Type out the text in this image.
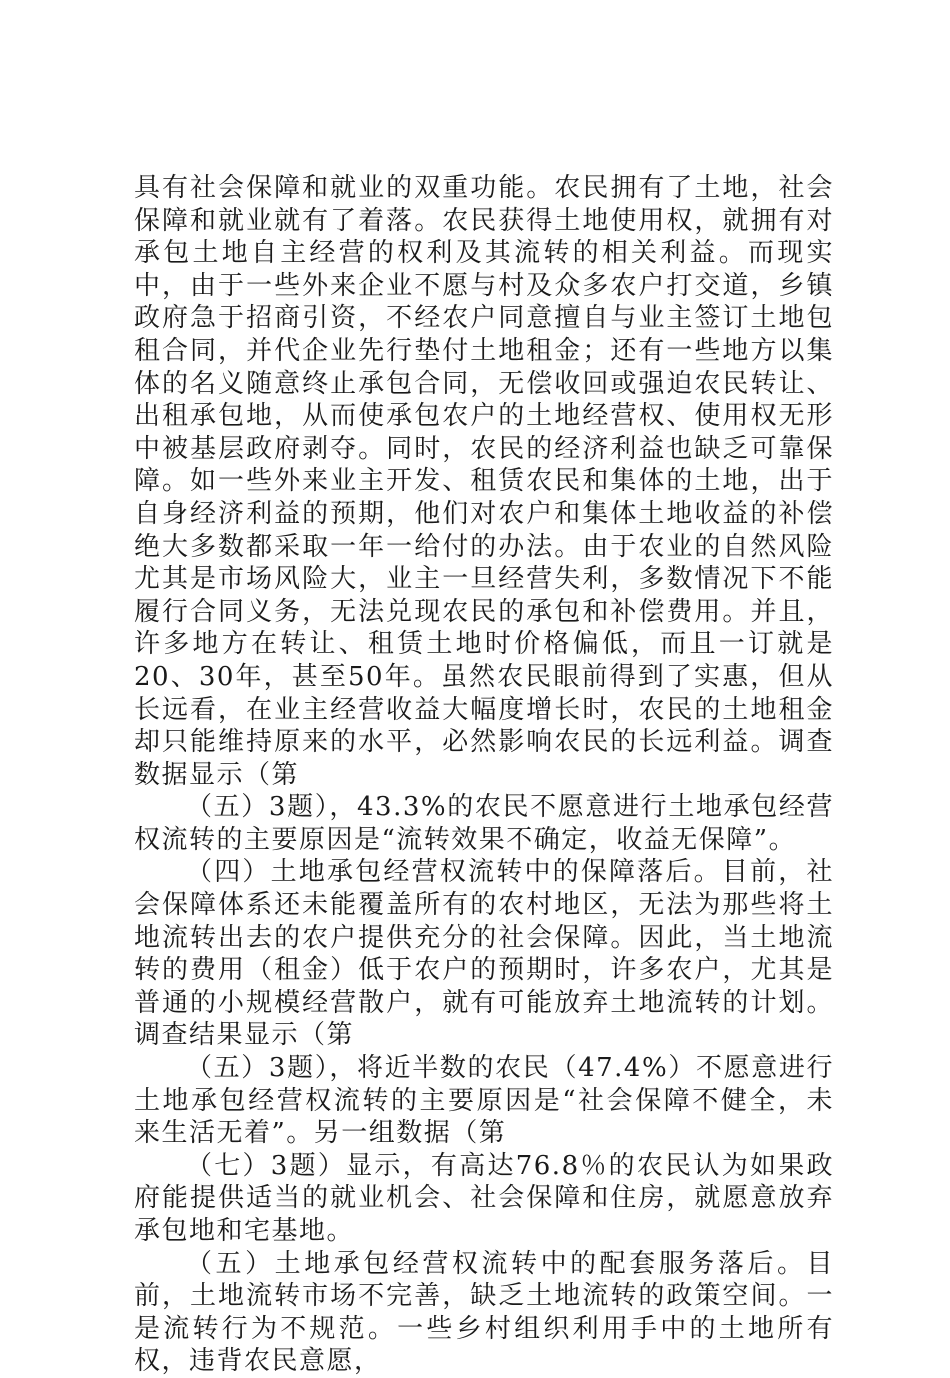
具有社会保障和就业的双重功能。农民拥有了土地，社会保障和就业就有了着落。农民获得土地使用权，就拥有对承包土地自主经营的权利及其流转的相关利益。而现实中，由于一些外来企业不愿与村及众多农户打交道，乡镇政府急于招商引资，不经农户同意擅自与业主签订土地包租合同，并代企业先行垫付土地租金；还有一些地方以集体的名义随意终止承包合同，无偿收回或强迫农民转让、出租承包地，从而使承包农户的土地经营权、使用权无形中被基层政府剥夺。同时，农民的经济利益也缺乏可靠保障。如一些外来业主开发、租赁农民和集体的土地，出于自身经济利益的预期，他们对农户和集体土地收益的补偿绝大多数都采取一年一给付的办法。由于农业的自然风险尤其是市场风险大，业主一旦经营失利，多数情况下不能履行合同义务，无法兑现农民的承包和补偿费用。并且，许多地方在转让、租赁土地时价格偏低，而且一订就是20、30年，甚至50年。虽然农民眼前得到了实惠，但从长远看，在业主经营收益大幅度增长时，农民的土地租金却只能维持原来的水平，必然影响农民的长远利益。调查数据显示（第

（五）3题），43.3%的农民不愿意进行土地承包经营权流转的主要原因是“流转效果不确定，收益无保障”。

（四）土地承包经营权流转中的保障落后。目前，社会保障体系还未能覆盖所有的农村地区，无法为那些将土地流转出去的农户提供充分的社会保障。因此，当土地流转的费用（租金）低于农户的预期时，许多农户，尤其是普通的小规模经营散户，就有可能放弃土地流转的计划。调查结果显示（第

（五）3题），将近半数的农民（47.4%）不愿意进行土地承包经营权流转的主要原因是“社会保障不健全，未来生活无着”。另一组数据（第

（七）3题）显示，有高达76.8％的农民认为如果政府能提供适当的就业机会、社会保障和住房，就愿意放弃承包地和宅基地。

（五）土地承包经营权流转中的配套服务落后。目前，土地流转市场不完善，缺乏土地流转的政策空间。一是流转行为不规范。一些乡村组织利用手中的土地所有权，违背农民意愿，
